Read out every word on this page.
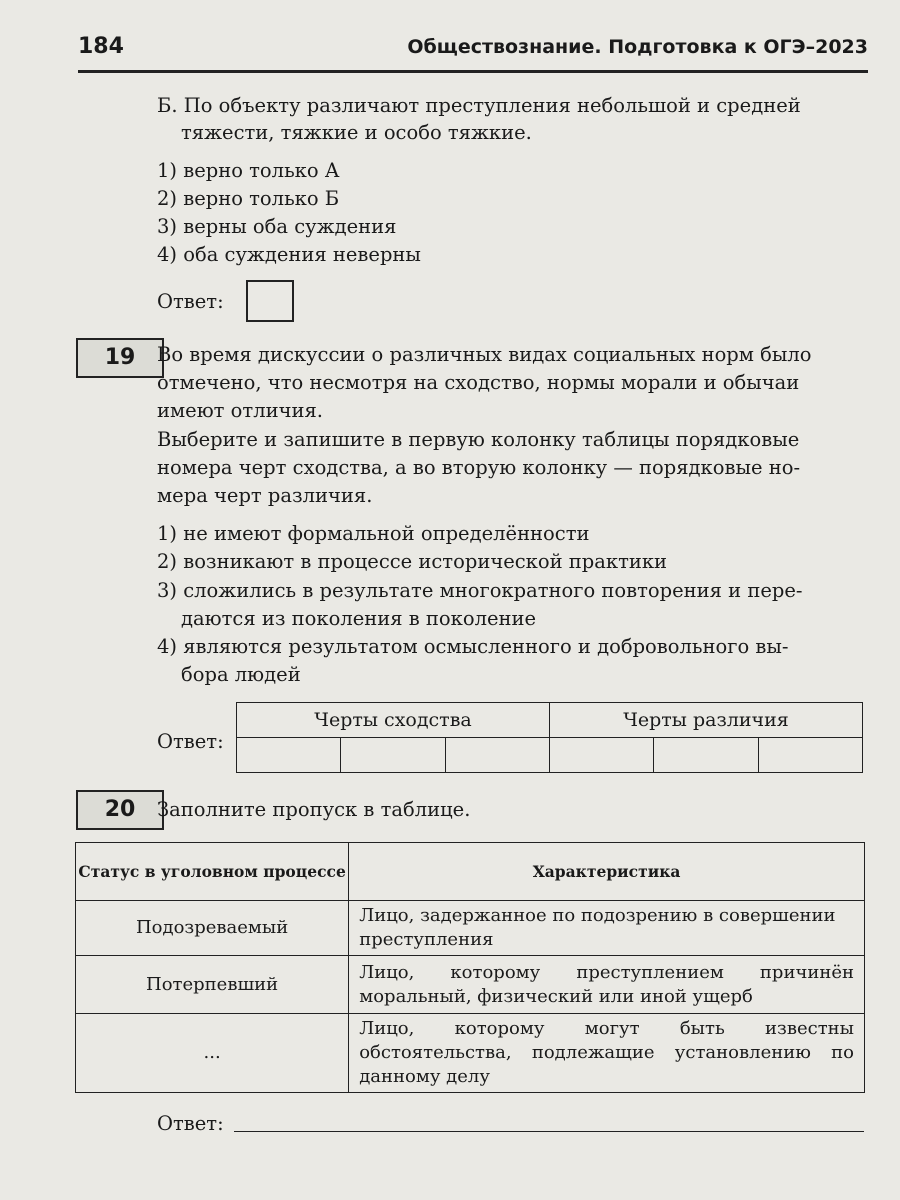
184	Обществознание. Подготовка к ОГЭ–2023
Б. По объекту различают преступления небольшой и средней
тяжести, тяжкие и особо тяжкие.
1) верно только А
2) верно только Б
3) верны оба суждения
4) оба суждения неверны
Ответ:
19	Во время дискуссии о различных видах социальных норм было
отмечено, что несмотря на сходство, нормы морали и обычаи
имеют отличия.
Выберите и запишите в первую колонку таблицы порядковые
номера черт сходства, а во вторую колонку — порядковые но-
мера черт различия.
1) не имеют формальной определённости
2) возникают в процессе исторической практики
3) сложились в результате многократного повторения и пере-
даются из поколения в поколение
4) являются результатом осмысленного и добровольного вы-
бора людей
Ответ:
Черты сходства			Черты различия		

20	Заполните пропуск в таблице.
Статус в уголовном процессе	Характеристика
Подозреваемый	Лицо, задержанное по подозрению в совершении преступления
Потерпевший	Лицо, которому преступлением причинён моральный, физический или иной ущерб
...	Лицо, которому могут быть известны обстоятельства, подлежащие установлению по данному делу
Ответ:
